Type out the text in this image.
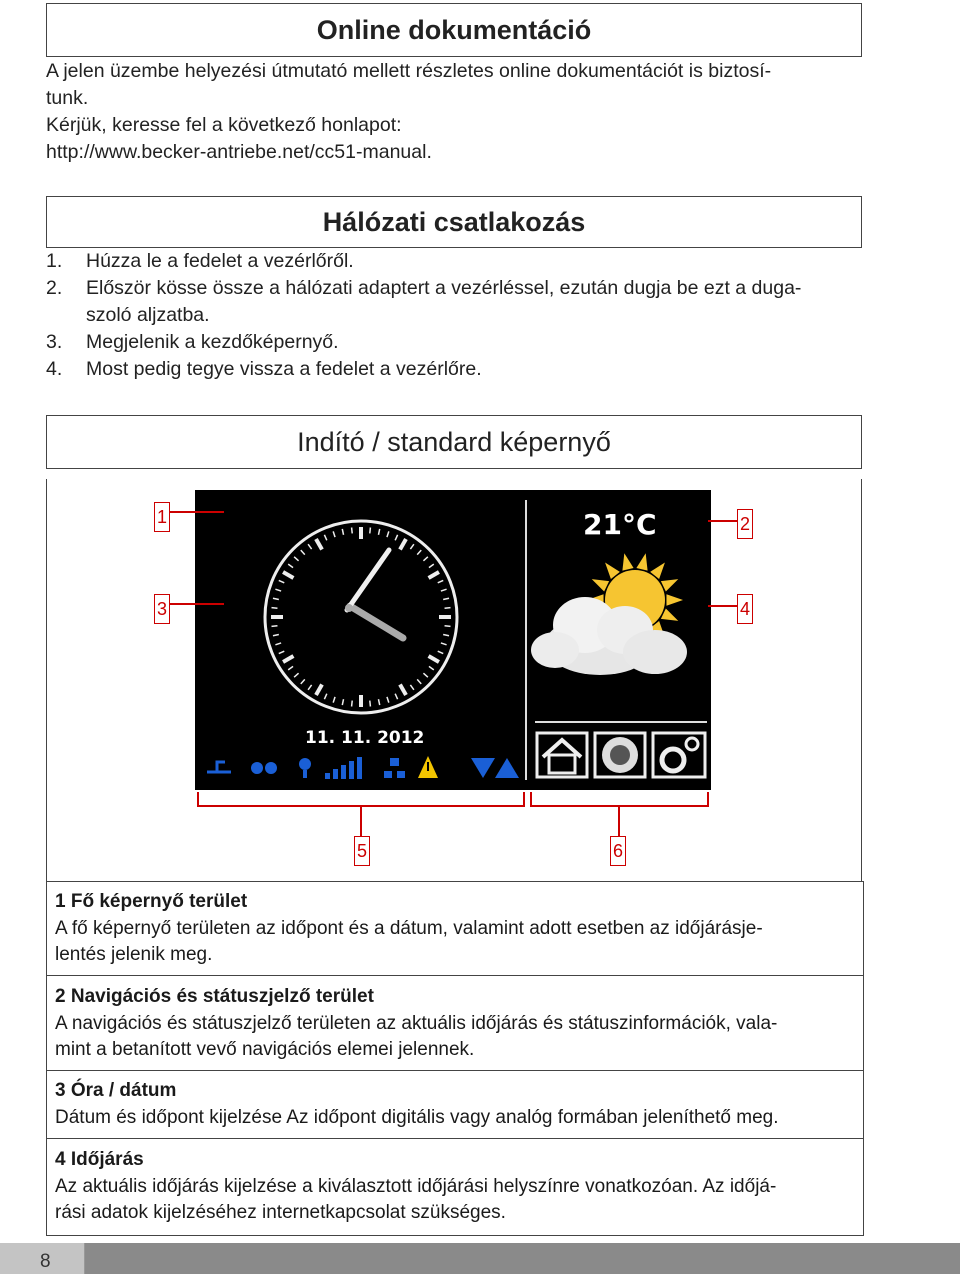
Online dokumentáció
A jelen üzembe helyezési útmutató mellett részletes online dokumentációt is biztosí-
tunk.
Kérjük, keresse fel a következő honlapot:
http://www.becker-antriebe.net/cc51-manual.
Hálózati csatlakozás
1. Húzza le a fedelet a vezérlőről.
2. Először kösse össze a hálózati adaptert a vezérléssel, ezután dugja be ezt a duga-
szoló aljzatba.
3. Megjelenik a kezdőképernyő.
4. Most pedig tegye vissza a fedelet a vezérlőre.
Indító / standard képernyő
21°C
11. 11. 2012
1	2
3	4
5	6
1 Fő képernyő terület
A fő képernyő területen az időpont és a dátum, valamint adott esetben az időjárásje-
lentés jelenik meg.
2 Navigációs és státuszjelző terület
A navigációs és státuszjelző területen az aktuális időjárás és státuszinformációk, vala-
mint a betanított vevő navigációs elemei jelennek.
3 Óra / dátum
Dátum és időpont kijelzése Az időpont digitális vagy analóg formában jeleníthető meg.
4 Időjárás
Az aktuális időjárás kijelzése a kiválasztott időjárási helyszínre vonatkozóan. Az időjá-
rási adatok kijelzéséhez internetkapcsolat szükséges.
8
